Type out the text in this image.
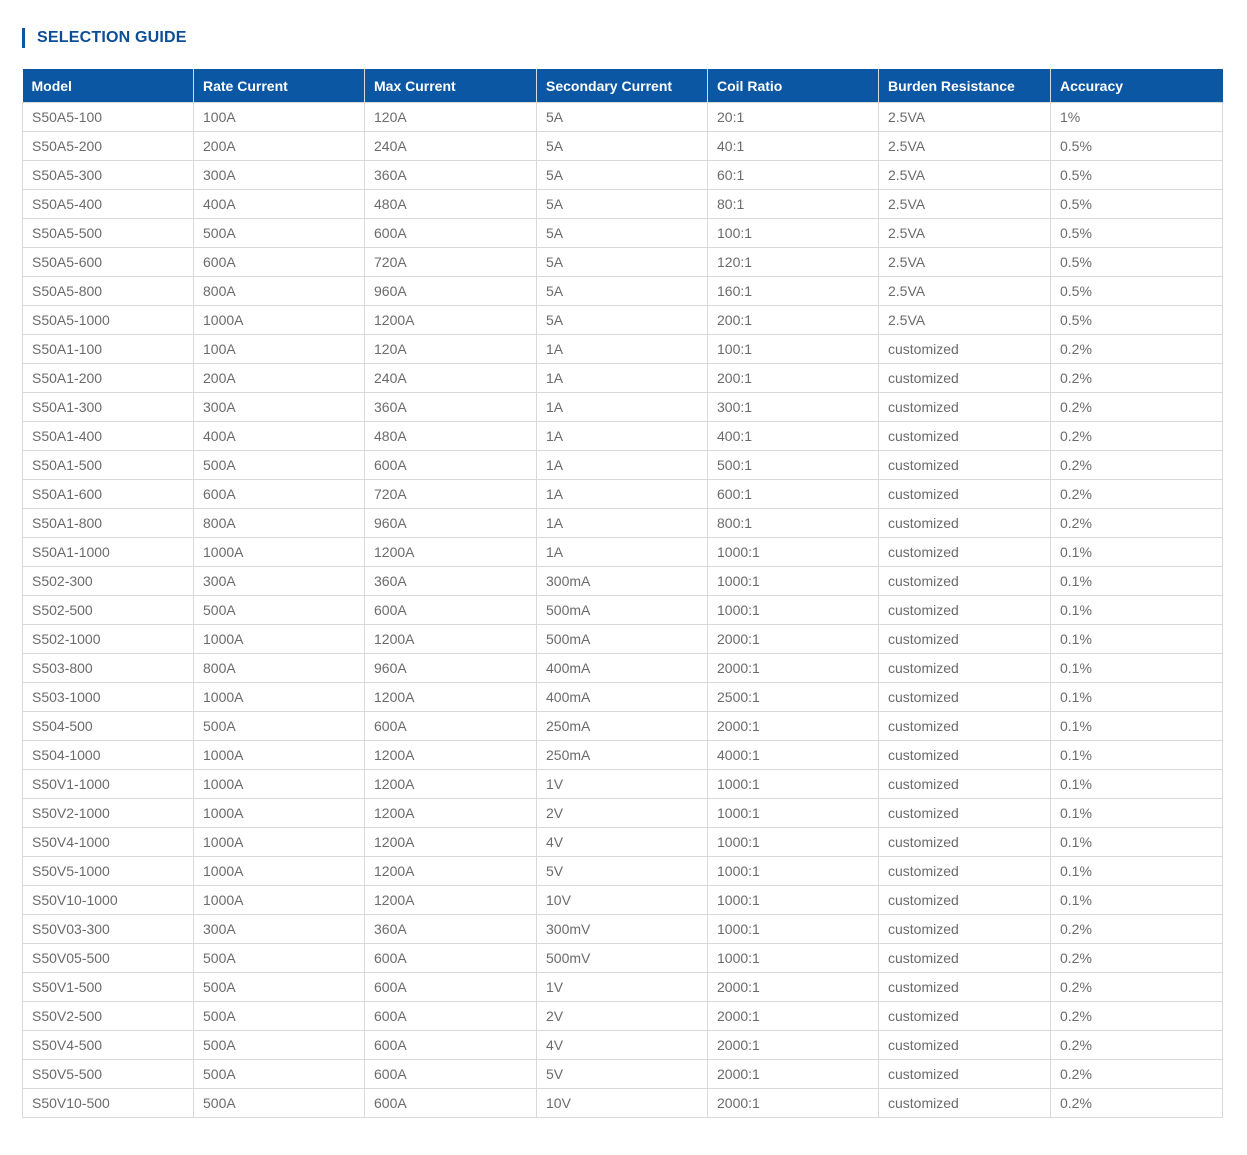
SELECTION GUIDE
Model	Rate Current	Max Current	Secondary Current	Coil Ratio	Burden Resistance	Accuracy
S50A5-100	100A	120A	5A	20:1	2.5VA	1%
S50A5-200	200A	240A	5A	40:1	2.5VA	0.5%
S50A5-300	300A	360A	5A	60:1	2.5VA	0.5%
S50A5-400	400A	480A	5A	80:1	2.5VA	0.5%
S50A5-500	500A	600A	5A	100:1	2.5VA	0.5%
S50A5-600	600A	720A	5A	120:1	2.5VA	0.5%
S50A5-800	800A	960A	5A	160:1	2.5VA	0.5%
S50A5-1000	1000A	1200A	5A	200:1	2.5VA	0.5%
S50A1-100	100A	120A	1A	100:1	customized	0.2%
S50A1-200	200A	240A	1A	200:1	customized	0.2%
S50A1-300	300A	360A	1A	300:1	customized	0.2%
S50A1-400	400A	480A	1A	400:1	customized	0.2%
S50A1-500	500A	600A	1A	500:1	customized	0.2%
S50A1-600	600A	720A	1A	600:1	customized	0.2%
S50A1-800	800A	960A	1A	800:1	customized	0.2%
S50A1-1000	1000A	1200A	1A	1000:1	customized	0.1%
S502-300	300A	360A	300mA	1000:1	customized	0.1%
S502-500	500A	600A	500mA	1000:1	customized	0.1%
S502-1000	1000A	1200A	500mA	2000:1	customized	0.1%
S503-800	800A	960A	400mA	2000:1	customized	0.1%
S503-1000	1000A	1200A	400mA	2500:1	customized	0.1%
S504-500	500A	600A	250mA	2000:1	customized	0.1%
S504-1000	1000A	1200A	250mA	4000:1	customized	0.1%
S50V1-1000	1000A	1200A	1V	1000:1	customized	0.1%
S50V2-1000	1000A	1200A	2V	1000:1	customized	0.1%
S50V4-1000	1000A	1200A	4V	1000:1	customized	0.1%
S50V5-1000	1000A	1200A	5V	1000:1	customized	0.1%
S50V10-1000	1000A	1200A	10V	1000:1	customized	0.1%
S50V03-300	300A	360A	300mV	1000:1	customized	0.2%
S50V05-500	500A	600A	500mV	1000:1	customized	0.2%
S50V1-500	500A	600A	1V	2000:1	customized	0.2%
S50V2-500	500A	600A	2V	2000:1	customized	0.2%
S50V4-500	500A	600A	4V	2000:1	customized	0.2%
S50V5-500	500A	600A	5V	2000:1	customized	0.2%
S50V10-500	500A	600A	10V	2000:1	customized	0.2%
